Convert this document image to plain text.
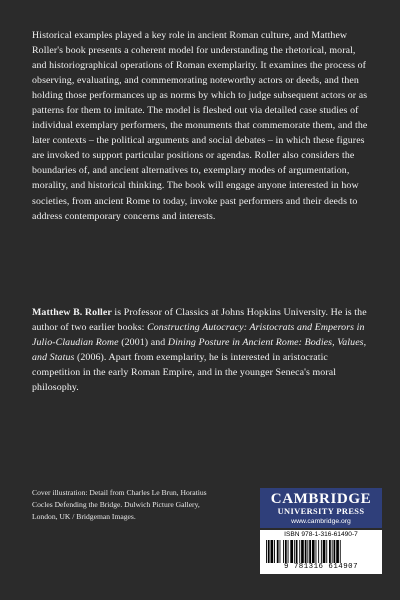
Historical examples played a key role in ancient Roman culture, and Matthew Roller's book presents a coherent model for understanding the rhetorical, moral, and historiographical operations of Roman exemplarity. It examines the process of observing, evaluating, and commemorating noteworthy actors or deeds, and then holding those performances up as norms by which to judge subsequent actors or as patterns for them to imitate. The model is fleshed out via detailed case studies of individual exemplary performers, the monuments that commemorate them, and the later contexts – the political arguments and social debates – in which these figures are invoked to support particular positions or agendas. Roller also considers the boundaries of, and ancient alternatives to, exemplary modes of argumentation, morality, and historical thinking. The book will engage anyone interested in how societies, from ancient Rome to today, invoke past performers and their deeds to address contemporary concerns and interests.

Matthew B. Roller is Professor of Classics at Johns Hopkins University. He is the author of two earlier books: Constructing Autocracy: Aristocrats and Emperors in Julio-Claudian Rome (2001) and Dining Posture in Ancient Rome: Bodies, Values, and Status (2006). Apart from exemplarity, he is interested in aristocratic competition in the early Roman Empire, and in the younger Seneca's moral philosophy.

Cover illustration: Detail from Charles Le Brun, Horatius Cocles Defending the Bridge. Dulwich Picture Gallery, London, UK / Bridgeman Images.
CAMBRIDGE
UNIVERSITY PRESS
www.cambridge.org
ISBN 978-1-316-61490-7
9 781316 614907
